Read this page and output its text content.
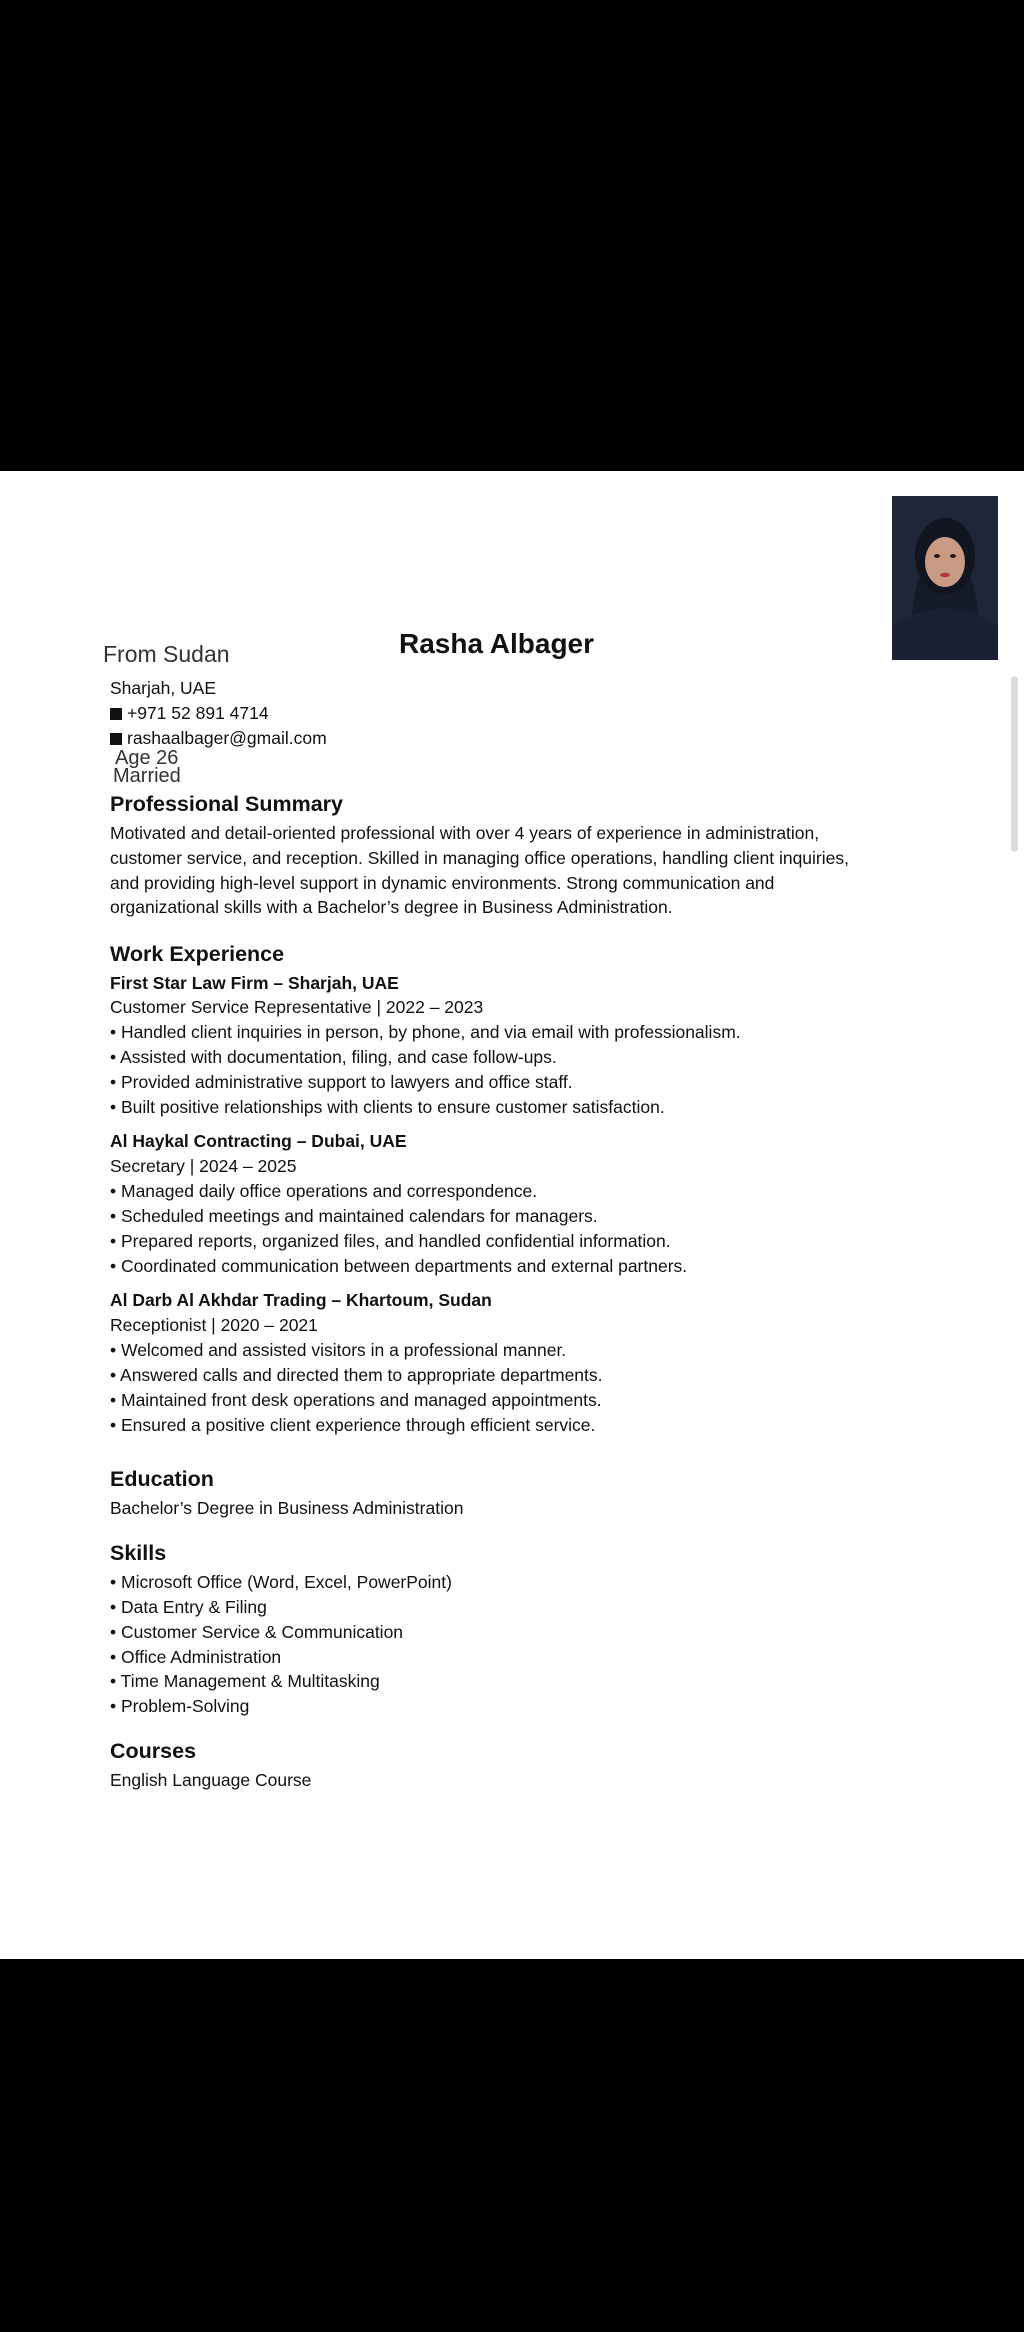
Rasha Albager
From Sudan
Sharjah, UAE
+971 52 891 4714
rashaalbager@gmail.com
Age 26
Married
Professional Summary
Motivated and detail-oriented professional with over 4 years of experience in administration,
customer service, and reception. Skilled in managing office operations, handling client inquiries,
and providing high-level support in dynamic environments. Strong communication and
organizational skills with a Bachelor’s degree in Business Administration.
Work Experience
First Star Law Firm – Sharjah, UAE
Customer Service Representative | 2022 – 2023
• Handled client inquiries in person, by phone, and via email with professionalism.
• Assisted with documentation, filing, and case follow-ups.
• Provided administrative support to lawyers and office staff.
• Built positive relationships with clients to ensure customer satisfaction.
Al Haykal Contracting – Dubai, UAE
Secretary | 2024 – 2025
• Managed daily office operations and correspondence.
• Scheduled meetings and maintained calendars for managers.
• Prepared reports, organized files, and handled confidential information.
• Coordinated communication between departments and external partners.
Al Darb Al Akhdar Trading – Khartoum, Sudan
Receptionist | 2020 – 2021
• Welcomed and assisted visitors in a professional manner.
• Answered calls and directed them to appropriate departments.
• Maintained front desk operations and managed appointments.
• Ensured a positive client experience through efficient service.
Education
Bachelor’s Degree in Business Administration
Skills
• Microsoft Office (Word, Excel, PowerPoint)
• Data Entry & Filing
• Customer Service & Communication
• Office Administration
• Time Management & Multitasking
• Problem-Solving
Courses
English Language Course
